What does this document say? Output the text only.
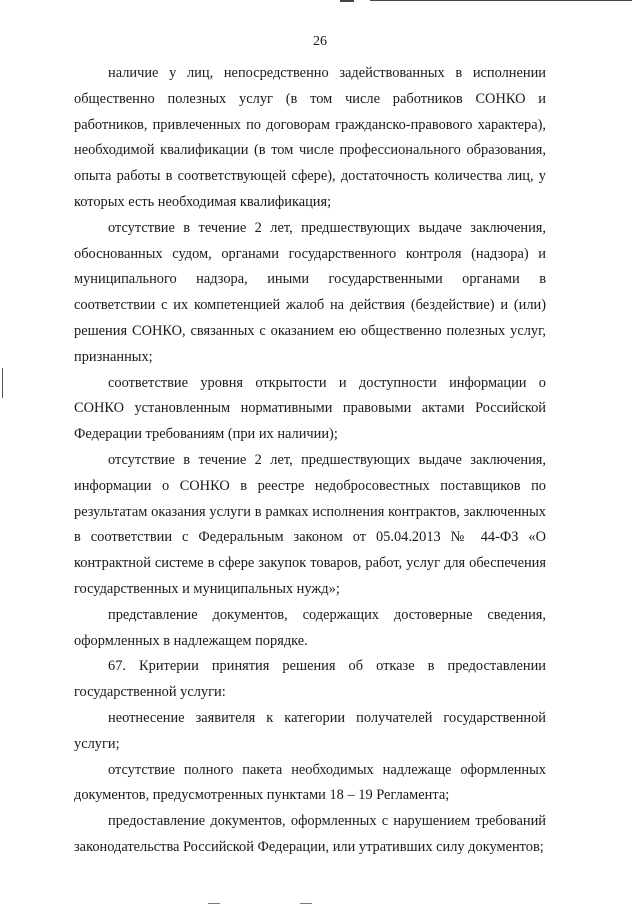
26

наличие у лиц, непосредственно задействованных в исполнении общественно полезных услуг (в том числе работников СОНКО и работников, привлеченных по договорам гражданско-правового характера), необходимой квалификации (в том числе профессионального образования, опыта работы в соответствующей сфере), достаточность количества лиц, у которых есть необходимая квалификация;

отсутствие в течение 2 лет, предшествующих выдаче заключения, обоснованных судом, органами государственного контроля (надзора) и муниципального надзора, иными государственными органами в соответствии с их компетенцией жалоб на действия (бездействие) и (или) решения СОНКО, связанных с оказанием ею общественно полезных услуг, признанных;

соответствие уровня открытости и доступности информации о СОНКО установленным нормативными правовыми актами Российской Федерации требованиям (при их наличии);

отсутствие в течение 2 лет, предшествующих выдаче заключения, информации о СОНКО в реестре недобросовестных поставщиков по результатам оказания услуги в рамках исполнения контрактов, заключенных в соответствии с Федеральным законом от 05.04.2013 № 44-ФЗ «О контрактной системе в сфере закупок товаров, работ, услуг для обеспечения государственных и муниципальных нужд»;

представление документов, содержащих достоверные сведения, оформленных в надлежащем порядке.

67. Критерии принятия решения об отказе в предоставлении государственной услуги:

неотнесение заявителя к категории получателей государственной услуги;

отсутствие полного пакета необходимых надлежаще оформленных документов, предусмотренных пунктами 18 – 19 Регламента;

предоставление документов, оформленных с нарушением требований законодательства Российской Федерации, или утративших силу документов;
